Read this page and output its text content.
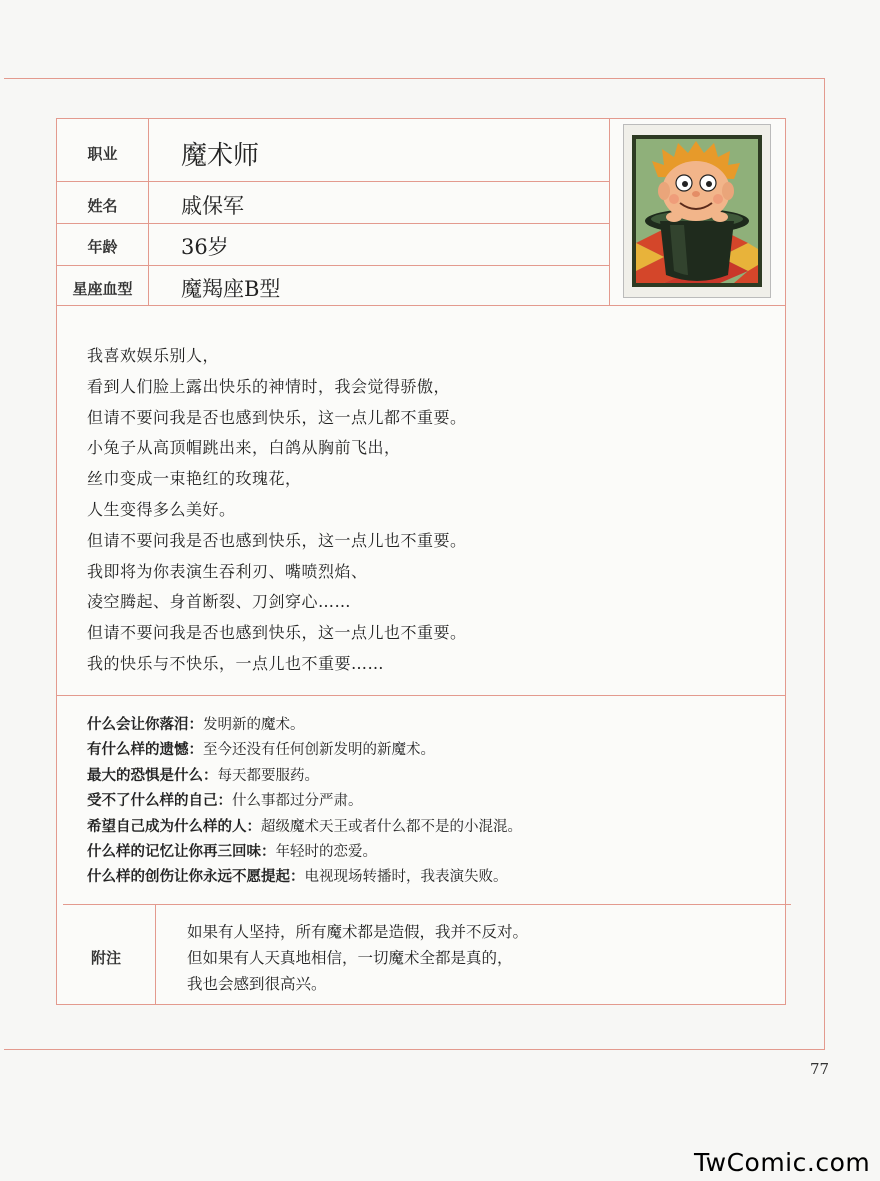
职业	魔术师
姓名	戚保军
年龄	36岁
星座血型	魔羯座B型
我喜欢娱乐别人，
看到人们脸上露出快乐的神情时，我会觉得骄傲，
但请不要问我是否也感到快乐，这一点儿都不重要。
小兔子从高顶帽跳出来，白鸽从胸前飞出，
丝巾变成一束艳红的玫瑰花，
人生变得多么美好。
但请不要问我是否也感到快乐，这一点儿也不重要。
我即将为你表演生吞利刃、嘴喷烈焰、
凌空腾起、身首断裂、刀剑穿心……
但请不要问我是否也感到快乐，这一点儿也不重要。
我的快乐与不快乐，一点儿也不重要……
什么会让你落泪：发明新的魔术。
有什么样的遗憾：至今还没有任何创新发明的新魔术。
最大的恐惧是什么：每天都要服药。
受不了什么样的自己：什么事都过分严肃。
希望自己成为什么样的人：超级魔术天王或者什么都不是的小混混。
什么样的记忆让你再三回味：年轻时的恋爱。
什么样的创伤让你永远不愿提起：电视现场转播时，我表演失败。
附注
如果有人坚持，所有魔术都是造假，我并不反对。
但如果有人天真地相信，一切魔术全都是真的，
我也会感到很高兴。
77
TwComic.com
